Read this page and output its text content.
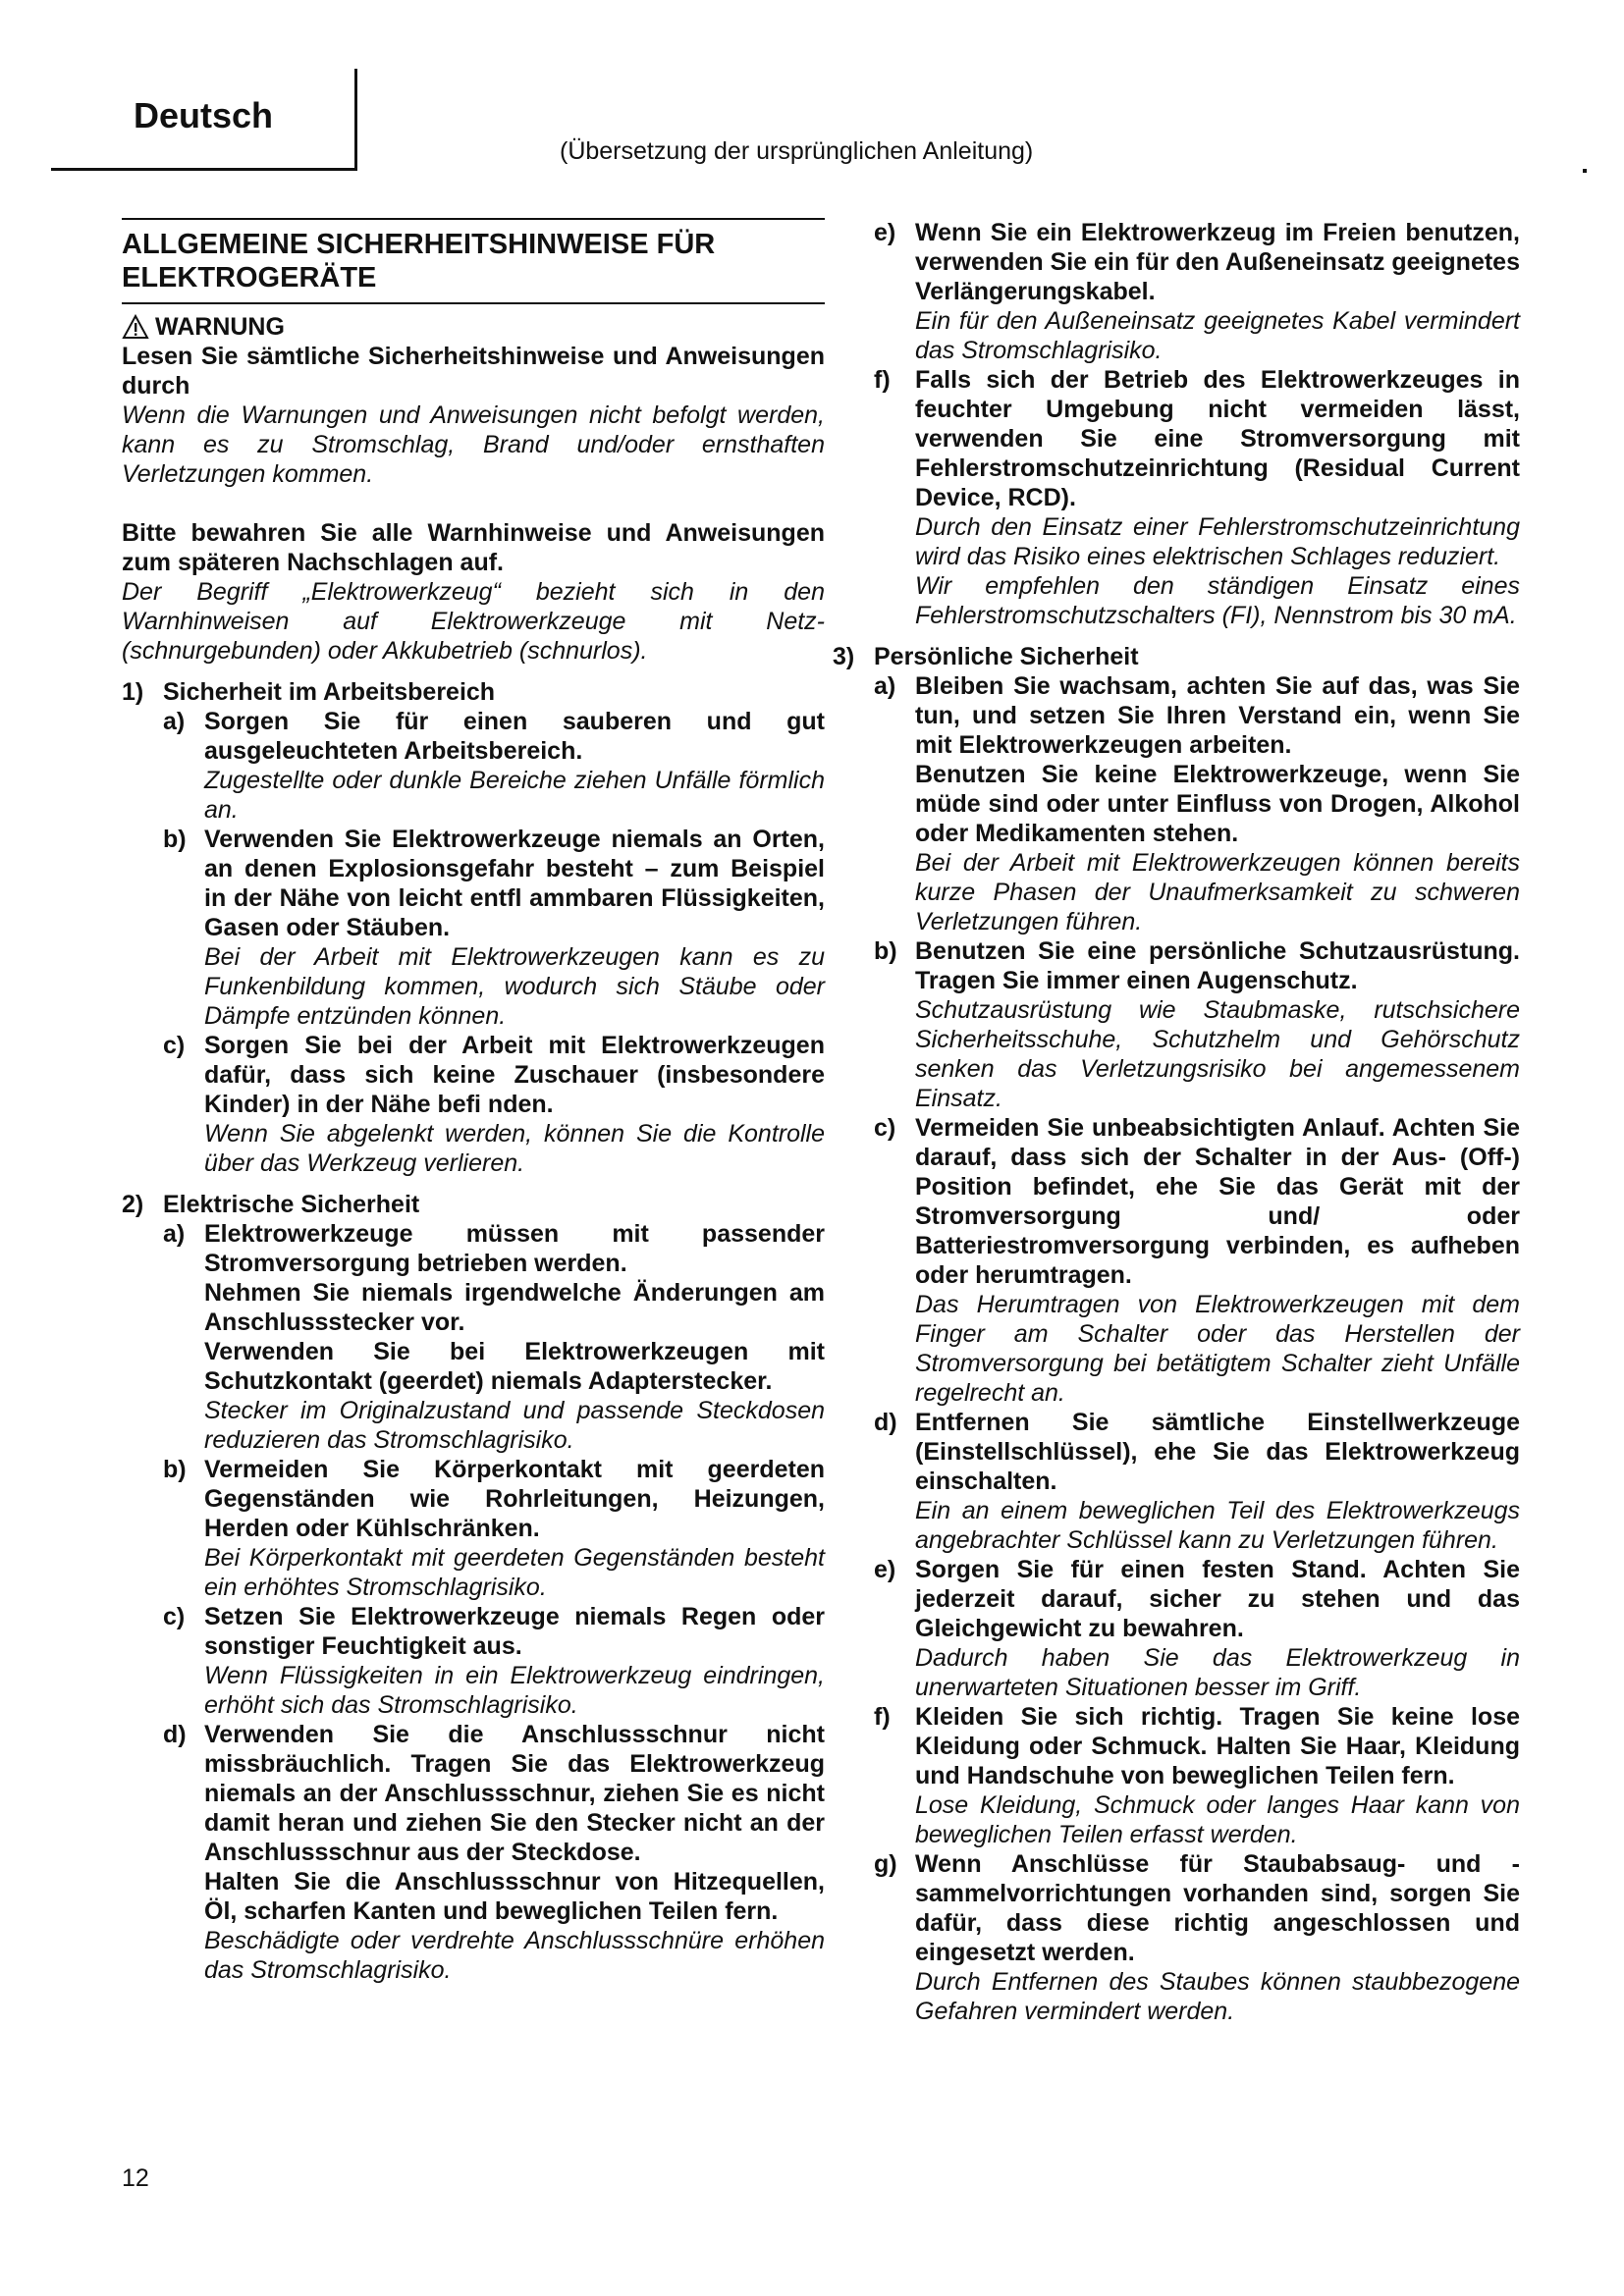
Deutsch
(Übersetzung der ursprünglichen Anleitung)
ALLGEMEINE SICHERHEITSHINWEISE FÜR ELEKTROGERÄTE
WARNUNG

Lesen Sie sämtliche Sicherheitshinweise und Anweisungen durch

Wenn die Warnungen und Anweisungen nicht befolgt werden, kann es zu Stromschlag, Brand und/oder ernsthaften Verletzungen kommen.

Bitte bewahren Sie alle Warnhinweise und Anweisungen zum späteren Nachschlagen auf.

Der Begriff „Elektrowerkzeug“ bezieht sich in den Warnhinweisen auf Elektrowerkzeuge mit Netz- (schnurgebunden) oder Akkubetrieb (schnurlos).

1) Sicherheit im Arbeitsbereich
a) Sorgen Sie für einen sauberen und gut ausgeleuchteten Arbeitsbereich.

Zugestellte oder dunkle Bereiche ziehen Unfälle förmlich an.

b) Verwenden Sie Elektrowerkzeuge niemals an Orten, an denen Explosionsgefahr besteht – zum Beispiel in der Nähe von leicht entfl ammbaren Flüssigkeiten, Gasen oder Stäuben.

Bei der Arbeit mit Elektrowerkzeugen kann es zu Funkenbildung kommen, wodurch sich Stäube oder Dämpfe entzünden können.

c) Sorgen Sie bei der Arbeit mit Elektrowerkzeugen dafür, dass sich keine Zuschauer (insbesondere Kinder) in der Nähe befi nden.

Wenn Sie abgelenkt werden, können Sie die Kontrolle über das Werkzeug verlieren.

2) Elektrische Sicherheit
a) Elektrowerkzeuge müssen mit passender Stromversorgung betrieben werden.

Nehmen Sie niemals irgendwelche Änderungen am Anschlussstecker vor.

Verwenden Sie bei Elektrowerkzeugen mit Schutzkontakt (geerdet) niemals Adapterstecker.

Stecker im Originalzustand und passende Steckdosen reduzieren das Stromschlagrisiko.

b) Vermeiden Sie Körperkontakt mit geerdeten Gegenständen wie Rohrleitungen, Heizungen, Herden oder Kühlschränken.

Bei Körperkontakt mit geerdeten Gegenständen besteht ein erhöhtes Stromschlagrisiko.

c) Setzen Sie Elektrowerkzeuge niemals Regen oder sonstiger Feuchtigkeit aus.

Wenn Flüssigkeiten in ein Elektrowerkzeug eindringen, erhöht sich das Stromschlagrisiko.

d) Verwenden Sie die Anschlussschnur nicht missbräuchlich. Tragen Sie das Elektrowerkzeug niemals an der Anschlussschnur, ziehen Sie es nicht damit heran und ziehen Sie den Stecker nicht an der Anschlussschnur aus der Steckdose.

Halten Sie die Anschlussschnur von Hitzequellen, Öl, scharfen Kanten und beweglichen Teilen fern.

Beschädigte oder verdrehte Anschlussschnüre erhöhen das Stromschlagrisiko.

e) Wenn Sie ein Elektrowerkzeug im Freien benutzen, verwenden Sie ein für den Außeneinsatz geeignetes Verlängerungskabel.

Ein für den Außeneinsatz geeignetes Kabel vermindert das Stromschlagrisiko.

f)	Falls sich der Betrieb des Elektrowerkzeuges in feuchter Umgebung nicht vermeiden lässt, verwenden Sie eine Stromversorgung mit Fehlerstromschutzeinrichtung (Residual Current Device, RCD).

Durch den Einsatz einer Fehlerstromschutzeinrichtung wird das Risiko eines elektrischen Schlages reduziert.

Wir empfehlen den ständigen Einsatz eines Fehlerstromschutzschalters (FI), Nennstrom bis 30 mA.

3) Persönliche Sicherheit
a) Bleiben Sie wachsam, achten Sie auf das, was Sie tun, und setzen Sie Ihren Verstand ein, wenn Sie mit Elektrowerkzeugen arbeiten.

Benutzen Sie keine Elektrowerkzeuge, wenn Sie müde sind oder unter Einfluss von Drogen, Alkohol oder Medikamenten stehen.

Bei der Arbeit mit Elektrowerkzeugen können bereits kurze Phasen der Unaufmerksamkeit zu schweren Verletzungen führen.

b) Benutzen Sie eine persönliche Schutzausrüstung. Tragen Sie immer einen Augenschutz.

Schutzausrüstung wie Staubmaske, rutschsichere Sicherheitsschuhe, Schutzhelm und Gehörschutz senken das Verletzungsrisiko bei angemessenem Einsatz.

c) Vermeiden Sie unbeabsichtigten Anlauf. Achten Sie darauf, dass sich der Schalter in der Aus- (Off-) Position befindet, ehe Sie das Gerät mit der Stromversorgung und/ oder Batteriestromversorgung verbinden, es aufheben oder herumtragen.

Das Herumtragen von Elektrowerkzeugen mit dem Finger am Schalter oder das Herstellen der Stromversorgung bei betätigtem Schalter zieht Unfälle regelrecht an.

d) Entfernen Sie sämtliche Einstellwerkzeuge (Einstellschlüssel), ehe Sie das Elektrowerkzeug einschalten.

Ein an einem beweglichen Teil des Elektrowerkzeugs angebrachter Schlüssel kann zu Verletzungen führen.

e) Sorgen Sie für einen festen Stand. Achten Sie jederzeit darauf, sicher zu stehen und das Gleichgewicht zu bewahren.

Dadurch haben Sie das Elektrowerkzeug in unerwarteten Situationen besser im Griff.

f)	Kleiden Sie sich richtig. Tragen Sie keine lose Kleidung oder Schmuck. Halten Sie Haar, Kleidung und Handschuhe von beweglichen Teilen fern.

Lose Kleidung, Schmuck oder langes Haar kann von beweglichen Teilen erfasst werden.

g) Wenn Anschlüsse für Staubabsaug- und -sammelvorrichtungen vorhanden sind, sorgen Sie dafür, dass diese richtig angeschlossen und eingesetzt werden.

Durch Entfernen des Staubes können staubbezogene Gefahren vermindert werden.

12
